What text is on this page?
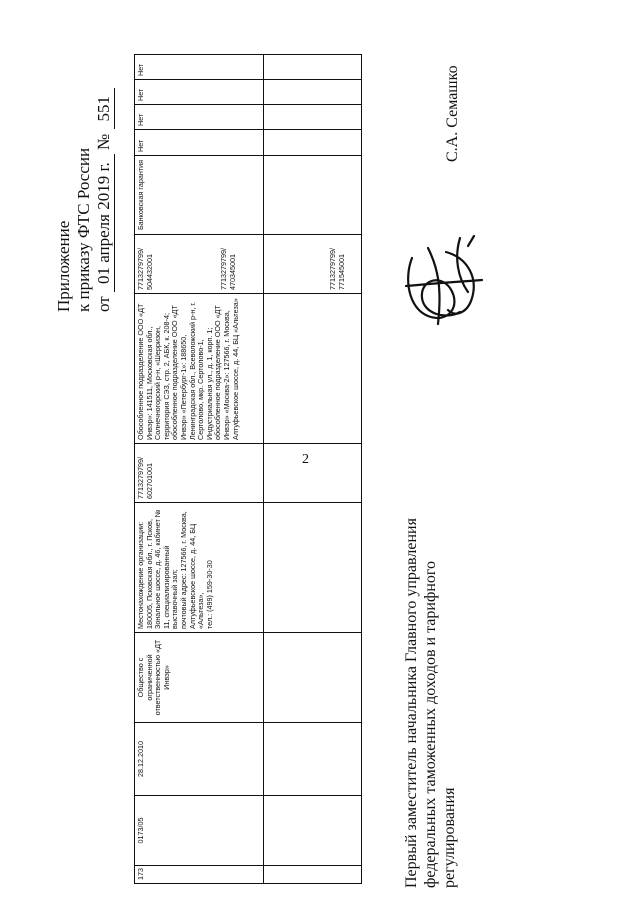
2
Приложение к приказу ФТС России от 01 апреля 2019 г. № 551
173
0173/05
28.12.2010
Общество с ограниченной ответственностью «ДТ Инвэр»

Местонахождение организации: 180005, Псковская обл., г. Псков, Зональное шоссе, д. 46, кабинет № 11, специализированный выставочный зал; почтовый адрес: 127566, г. Москва, Алтуфьевское шоссе, д. 44, БЦ «Альтеза», тел.: (499) 159-30-30

7713279799/ 602701001

Обособленное подразделение ООО «ДТ Инвэр»: 141511, Московская обл., Солнечногорский р-н, «Шерризон, территория СЭЗ, стр. 2, АБК, к. 208-4; обособленное подразделение ООО «ДТ Инвэр» «Петербург-1»: 188650, Ленинградская обл., Всеволожский р-н, г. Сертолово, мкр. Сертолово-1, Индустриальная ул., д. 1, корп. 1; обособленное подразделение ООО «ДТ Инвэр» «Москва-2»: 127566, г. Москва, Алтуфьевское шоссе, д. 44, БЦ «Альтеза»

7713279799/ 504432001	7713279799/ 470345001	7713279799/ 771545001

Банковская гарантия
Нет
Нет
Нет
Нет
Первый заместитель начальника Главного управления федеральных таможенных доходов и тарифного регулирования
С.А. Семашко
